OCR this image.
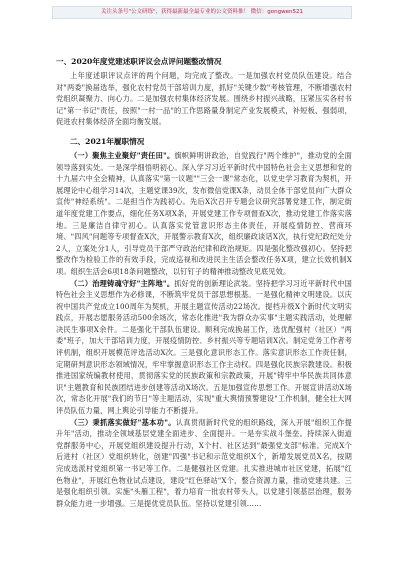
关注头条号"公文研练"，获得最新最全最专业的公文资料推！ 微信：gongwen521
一、2020年度党建述职评议会点评问题整改情况

上年度述职评议点评的两个问题，均完成了整改。一是加强农村党员队伍建设。结合对"两委"换届选举，强化农村党员干部培训力度，抓好"关键少数"考核管理，不断增强农村党组织凝聚力、向心力。二是加强农村集体经济发展。围绕乡村振兴战略，压紧压实各村书记"第一书记"责任，按照"一村一品"的工作思路量身制定产业发展模式，补短板、强弱项，促进农村集体经济全面均衡发展。

二、2021年履职情况

（一）聚焦主业聚好"责任田"。旗帜鲜明讲政治，自觉践行"两个维护"，推动党的全面领导落到实处。一是深学细悟明初心。深入学习习近平新时代中国特色社会主义思想和党的十九届六中全会精神，认真落实"第一议题""三会一课"常态化，以党史学习教育为契机，开展理论中心组学习14次，主题党课39次，发布微信党课X条，动员全体干部党员向广大群众宣传"神经系统"。二是担当作为践初心。先后X次召开专题会议研究部署党建工作，制定街道年度党建工作要点，细化任务X项X条，开展党建工作专项督查X次，推动党建工作落实落地。三是廉洁自律守初心。认真落实党管意识形态主体责任，开展疫情防控、营商环境、"四风"问题等专项督查X次，开展警示教育X次，组织廉政谈话X次，执行党纪政纪处分2人，立案处分1人，引导党员干部严守政治纪律和政治规矩。四是强化整改强初心。坚持把整改作为检验工作的有效手段，完成巡视和改进民主生活会整改任务X项，建立长效机制X项。组织生活会6项18条问题整改，以钉钉子的精神推动整改见底见效。

（二）治理铸魂守好"主阵地"。抓好党的创新理论武装。坚持把学习习近平新时代中国特色社会主义思想作为必修课，不断筑牢党员干部思想根基。一是强化精神文明建设。以庆祝中国共产党成立100周年为契机，开展主题宣传活动22场次。提档升级X个新时代文明实践点，开展志愿服务活动500余场次，常态化推进"我为群众办实事"主题实践活动，处理解决民生事项X余件。二是强化干部队伍建设。顺利完成换届工作，选优配强村（社区）"两委"班子，加大干部培训力度，开展疫情防控、乡村振兴等专题培训X次。制定党务工作者考评机制，组织开展模范评选活动X次。三是强化意识形态工作。落实意识形态工作责任制，定期研判意识形态领域情况，牢牢掌握意识形态工作主动权。四是强化民族宗教建设。积极推进国家统编教材使用，贯彻落实党的民族政策和宗教政策，开展"铸牢中华民族共同体意识"主题教育和民族团结进步创建等活动X场次。五是加强宣传思想工作。开展宣讲活动X场次，常态化开展"我们的节日"等主题活动，实现"重大舆情预警建设"工作机制，健全壮大网评员队伍力量，网上舆论引导能力不断提升。

（三）秉抓落实做好"基本功"。认真贯彻新时代党的组织路线，深入开展"组织工作提升年"活动，推动全领域基层党建全面进步、全面提升。一是夯实战斗堡垒。持续深入街道党群服务中心，开展党组织建设提升行动，X个村、社区达到"最强党支部"标准。完成X个后进村（社区）党组织转化，创建"四强"书记和示范党组织X个，新增发展党员X名，按期完成选派村党组织第一书记等工作。二是健强社区党建。扎实推进城市社区党建，拓展"红色物业"，开展红色物业试点建设，建设"红色驿站"X个，整合资源力量，推动党建共建。三是强化组织引领。实施"头雁工程"，着力培育一批农村带头人，以党建引领基层治理，服务群众能力进一步增强。三是提优党员队伍。坚持以党建引领……
